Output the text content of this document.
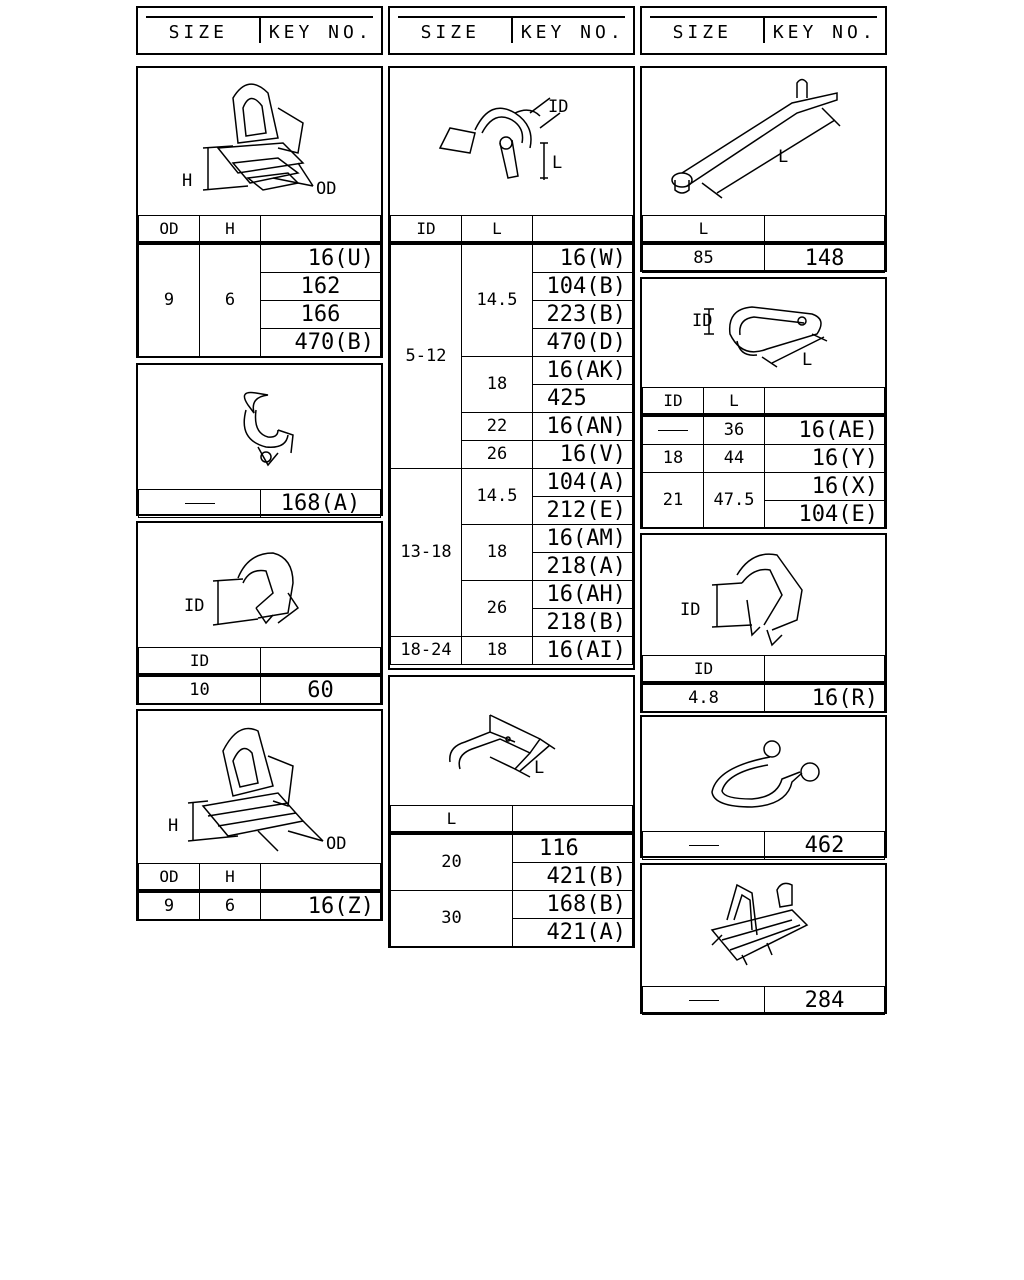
SIZE	KEY NO.	SIZE	KEY NO.	SIZE	KEY NO.
H	OD
OD	H	
9	6	16(U)
		162
		166
		470(B)
	168(A)
ID
ID	
10	60
H
OD
OD	H	
9	6	16(Z)
ID
L
ID	L	
5-12	14.5	16(W)
		104(B)
		223(B)
		470(D)
	18	16(AK)
		425
	22	16(AN)
	26	16(V)
13-18	14.5	104(A)
		212(E)
	18	16(AM)
		218(A)
	26	16(AH)
		218(B)
18-24	18	16(AI)
L
L	
20	116
	421(B)
30	168(B)
	421(A)
L
L	
85	148
ID
L
ID	L	
	36	16(AE)
18	44	16(Y)
21	47.5	16(X)
		104(E)
ID
ID	
4.8	16(R)
	462
	284
